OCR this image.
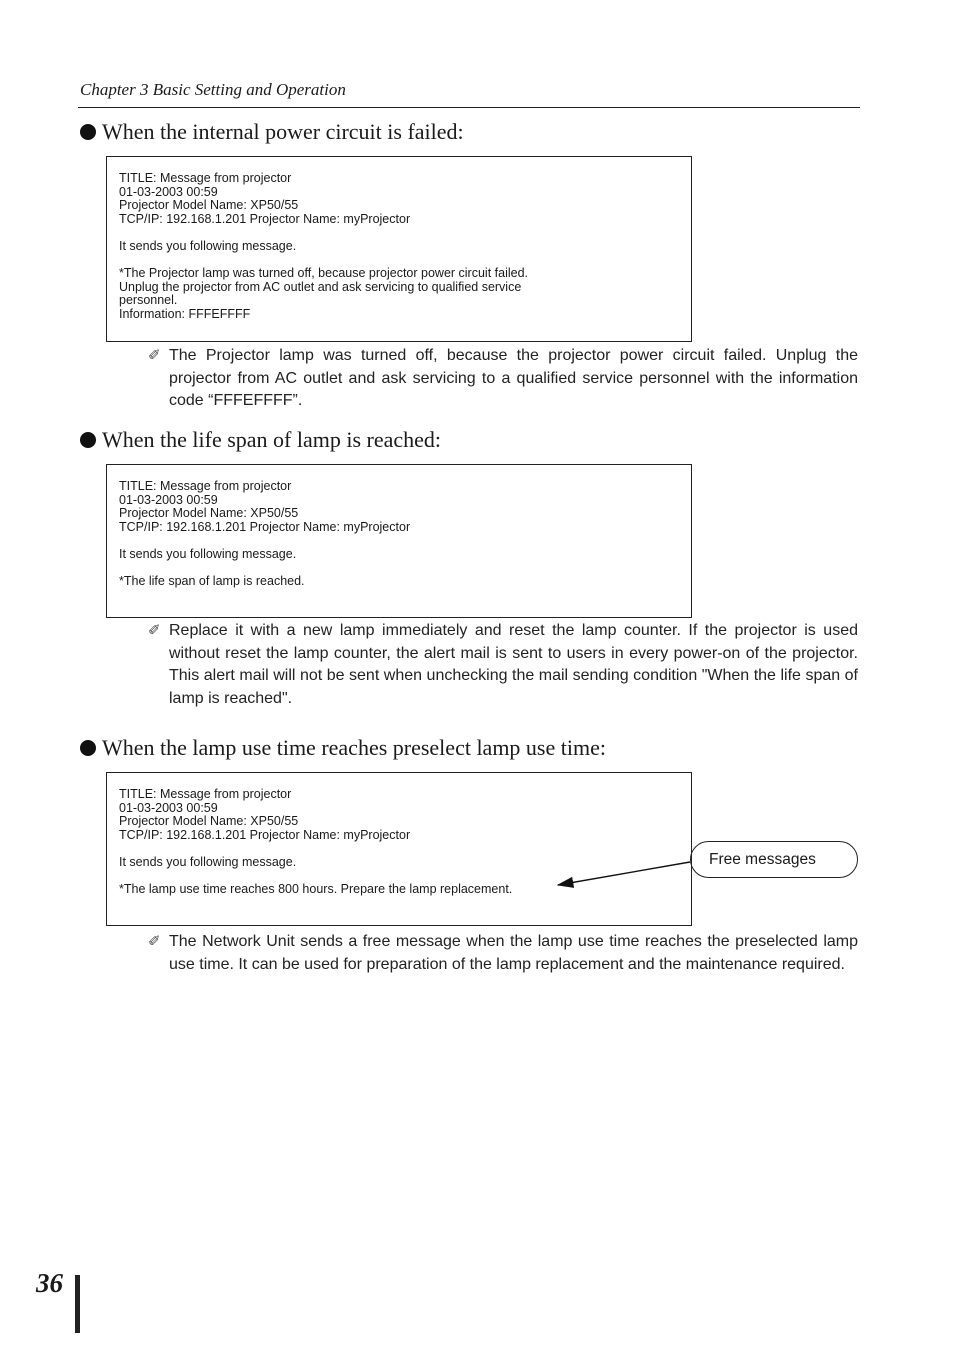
Chapter 3 Basic Setting and Operation
When the internal power circuit is failed:
TITLE: Message from projector
01-03-2003 00:59
Projector Model Name: XP50/55
TCP/IP: 192.168.1.201 Projector Name: myProjector
It sends you following message.
*The Projector lamp was turned off, because projector power circuit failed.
Unplug the projector from AC outlet and ask servicing to qualified service
personnel.
Information: FFFEFFFF
✐ The Projector lamp was turned off, because the projector power circuit failed. Unplug the projector from AC outlet and ask servicing to a qualified service personnel with the information code “FFFEFFFF”.
When the life span of lamp is reached:
TITLE: Message from projector
01-03-2003 00:59
Projector Model Name: XP50/55
TCP/IP: 192.168.1.201 Projector Name: myProjector
It sends you following message.
*The life span of lamp is reached.
✐ Replace it with a new lamp immediately and reset the lamp counter. If the projector is used without reset the lamp counter, the alert mail is sent to users in every power-on of the projector. This alert mail will not be sent when unchecking the mail sending condition "When the life span of lamp is reached".
When the lamp use time reaches preselect lamp use time:
TITLE: Message from projector
01-03-2003 00:59
Projector Model Name: XP50/55
TCP/IP: 192.168.1.201 Projector Name: myProjector
It sends you following message.
*The lamp use time reaches 800 hours. Prepare the lamp replacement.
Free messages
✐ The Network Unit sends a free message when the lamp use time reaches the preselected lamp use time. It can be used for preparation of the lamp replacement and the maintenance required.
36
